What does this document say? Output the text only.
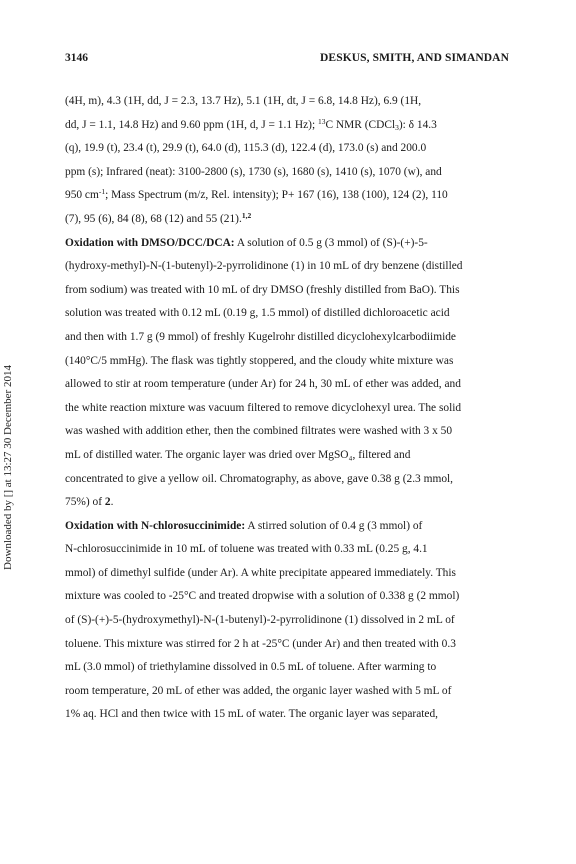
3146	DESKUS, SMITH, AND SIMANDAN
Downloaded by [] at 13:27 30 December 2014
(4H, m), 4.3 (1H, dd, J = 2.3, 13.7 Hz), 5.1 (1H, dt, J = 6.8, 14.8 Hz), 6.9 (1H,
dd, J = 1.1, 14.8 Hz) and 9.60 ppm (1H, d, J = 1.1 Hz); $^{13}$C NMR (CDCl$_3$): δ 14.3
(q), 19.9 (t), 23.4 (t), 29.9 (t), 64.0 (d), 115.3 (d), 122.4 (d), 173.0 (s) and 200.0
ppm (s); Infrared (neat): 3100-2800 (s), 1730 (s), 1680 (s), 1410 (s), 1070 (w), and
950 $cm^{-1}$; Mass Spectrum (m/z, Rel. intensity); P+ 167 (16), 138 (100), 124 (2), 110
(7), 95 (6), 84 (8), 68 (12) and 55 (21).$^{1,2}$
Oxidation with DMSO/DCC/DCA: A solution of 0.5 g (3 mmol) of (S)-(+)-5-
(hydroxy-methyl)-N-(1-butenyl)-2-pyrrolidinone (1) in 10 mL of dry benzene (distilled
from sodium) was treated with 10 mL of dry DMSO (freshly distilled from BaO). This
solution was treated with 0.12 mL (0.19 g, 1.5 mmol) of distilled dichloroacetic acid
and then with 1.7 g (9 mmol) of freshly Kugelrohr distilled dicyclohexylcarbodiimide
(140°C/5 mmHg). The flask was tightly stoppered, and the cloudy white mixture was
allowed to stir at room temperature (under Ar) for 24 h, 30 mL of ether was added, and
the white reaction mixture was vacuum filtered to remove dicyclohexyl urea. The solid
was washed with addition ether, then the combined filtrates were washed with 3 x 50
mL of distilled water. The organic layer was dried over MgSO₄, filtered and
concentrated to give a yellow oil. Chromatography, as above, gave 0.38 g (2.3 mmol,
75%) of 2.
Oxidation with N-chlorosuccinimide: A stirred solution of 0.4 g (3 mmol) of
N-chlorosuccinimide in 10 mL of toluene was treated with 0.33 mL (0.25 g, 4.1
mmol) of dimethyl sulfide (under Ar). A white precipitate appeared immediately. This
mixture was cooled to -25°C and treated dropwise with a solution of 0.338 g (2 mmol)
of (S)-(+)-5-(hydroxymethyl)-N-(1-butenyl)-2-pyrrolidinone (1) dissolved in 2 mL of
toluene. This mixture was stirred for 2 h at -25°C (under Ar) and then treated with 0.3
mL (3.0 mmol) of triethylamine dissolved in 0.5 mL of toluene. After warming to
room temperature, 20 mL of ether was added, the organic layer washed with 5 mL of
1% aq. HCl and then twice with 15 mL of water. The organic layer was separated,
